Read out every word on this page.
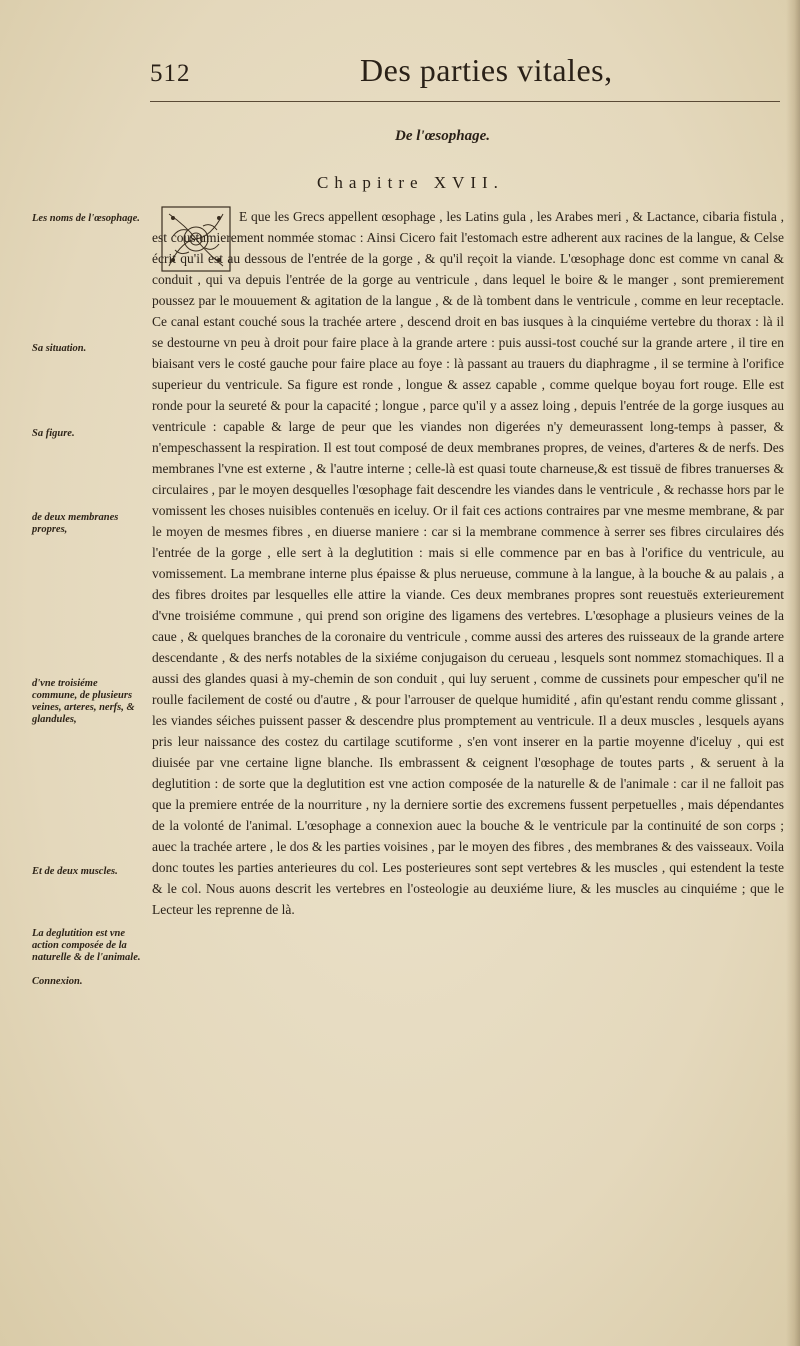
512	Des parties vitales,
De l'œsophage.
Chapitre XVII.
Les noms de l'œsophage.
Sa situation.
Sa figure.
de deux membranes propres,
d'vne troisiéme commune, de plusieurs veines, arteres, nerfs, & glandules,
Et de deux muscles.
La deglutition est vne action composée de la naturelle & de l'animale.
Connexion.

E que les Grecs appellent œsophage , les Latins gula , les Arabes meri , & Lactance, cibaria fistula , est coustumierement nommée stomac : Ainsi Cicero fait l'estomach estre adherent aux racines de la langue, & Celse écrit qu'il est au dessous de l'entrée de la gorge , & qu'il reçoit la viande. L'œsophage donc est comme vn canal & conduit , qui va depuis l'entrée de la gorge au ventricule , dans lequel le boire & le manger , sont premierement poussez par le mouuement & agitation de la langue , & de là tombent dans le ventricule , comme en leur receptacle. Ce canal estant couché sous la trachée artere , descend droit en bas iusques à la cinquiéme vertebre du thorax : là il se destourne vn peu à droit pour faire place à la grande artere : puis aussi-tost couché sur la grande artere , il tire en biaisant vers le costé gauche pour faire place au foye : là passant au trauers du diaphragme , il se termine à l'orifice superieur du ventricule. Sa figure est ronde , longue & assez capable , comme quelque boyau fort rouge. Elle est ronde pour la seureté & pour la capacité ; longue , parce qu'il y a assez loing , depuis l'entrée de la gorge iusques au ventricule : capable & large de peur que les viandes non digerées n'y demeurassent long-temps à passer, & n'empeschassent la respiration. Il est tout composé de deux membranes propres, de veines, d'arteres & de nerfs. Des membranes l'vne est externe , & l'autre interne ; celle-là est quasi toute charneuse,& est tissuë de fibres tranuerses & circulaires , par le moyen desquelles l'œsophage fait descendre les viandes dans le ventricule , & rechasse hors par le vomissent les choses nuisibles contenuës en iceluy. Or il fait ces actions contraires par vne mesme membrane, & par le moyen de mesmes fibres , en diuerse maniere : car si la membrane commence à serrer ses fibres circulaires dés l'entrée de la gorge , elle sert à la deglutition : mais si elle commence par en bas à l'orifice du ventricule, au vomissement. La membrane interne plus épaisse & plus nerueuse, commune à la langue, à la bouche & au palais , a des fibres droites par lesquelles elle attire la viande. Ces deux membranes propres sont reuestuës exterieurement d'vne troisiéme commune , qui prend son origine des ligamens des vertebres. L'œsophage a plusieurs veines de la caue , & quelques branches de la coronaire du ventricule , comme aussi des arteres des ruisseaux de la grande artere descendante , & des nerfs notables de la sixiéme conjugaison du cerueau , lesquels sont nommez stomachiques. Il a aussi des glandes quasi à my-chemin de son conduit , qui luy seruent , comme de cussinets pour empescher qu'il ne roulle facilement de costé ou d'autre , & pour l'arrouser de quelque humidité , afin qu'estant rendu comme glissant , les viandes séiches puissent passer & descendre plus promptement au ventricule. Il a deux muscles , lesquels ayans pris leur naissance des costez du cartilage scutiforme , s'en vont inserer en la partie moyenne d'iceluy , qui est diuisée par vne certaine ligne blanche. Ils embrassent & ceignent l'œsophage de toutes parts , & seruent à la deglutition : de sorte que la deglutition est vne action composée de la naturelle & de l'animale : car il ne falloit pas que la premiere entrée de la nourriture , ny la derniere sortie des excremens fussent perpetuelles , mais dépendantes de la volonté de l'animal. L'œsophage a connexion auec la bouche & le ventricule par la continuité de son corps ; auec la trachée artere , le dos & les parties voisines , par le moyen des fibres , des membranes & des vaisseaux. Voila donc toutes les parties anterieures du col. Les posterieures sont sept vertebres & les muscles , qui estendent la teste & le col. Nous auons descrit les vertebres en l'osteologie au deuxiéme liure, & les muscles au cinquiéme ; que le Lecteur les reprenne de là.
